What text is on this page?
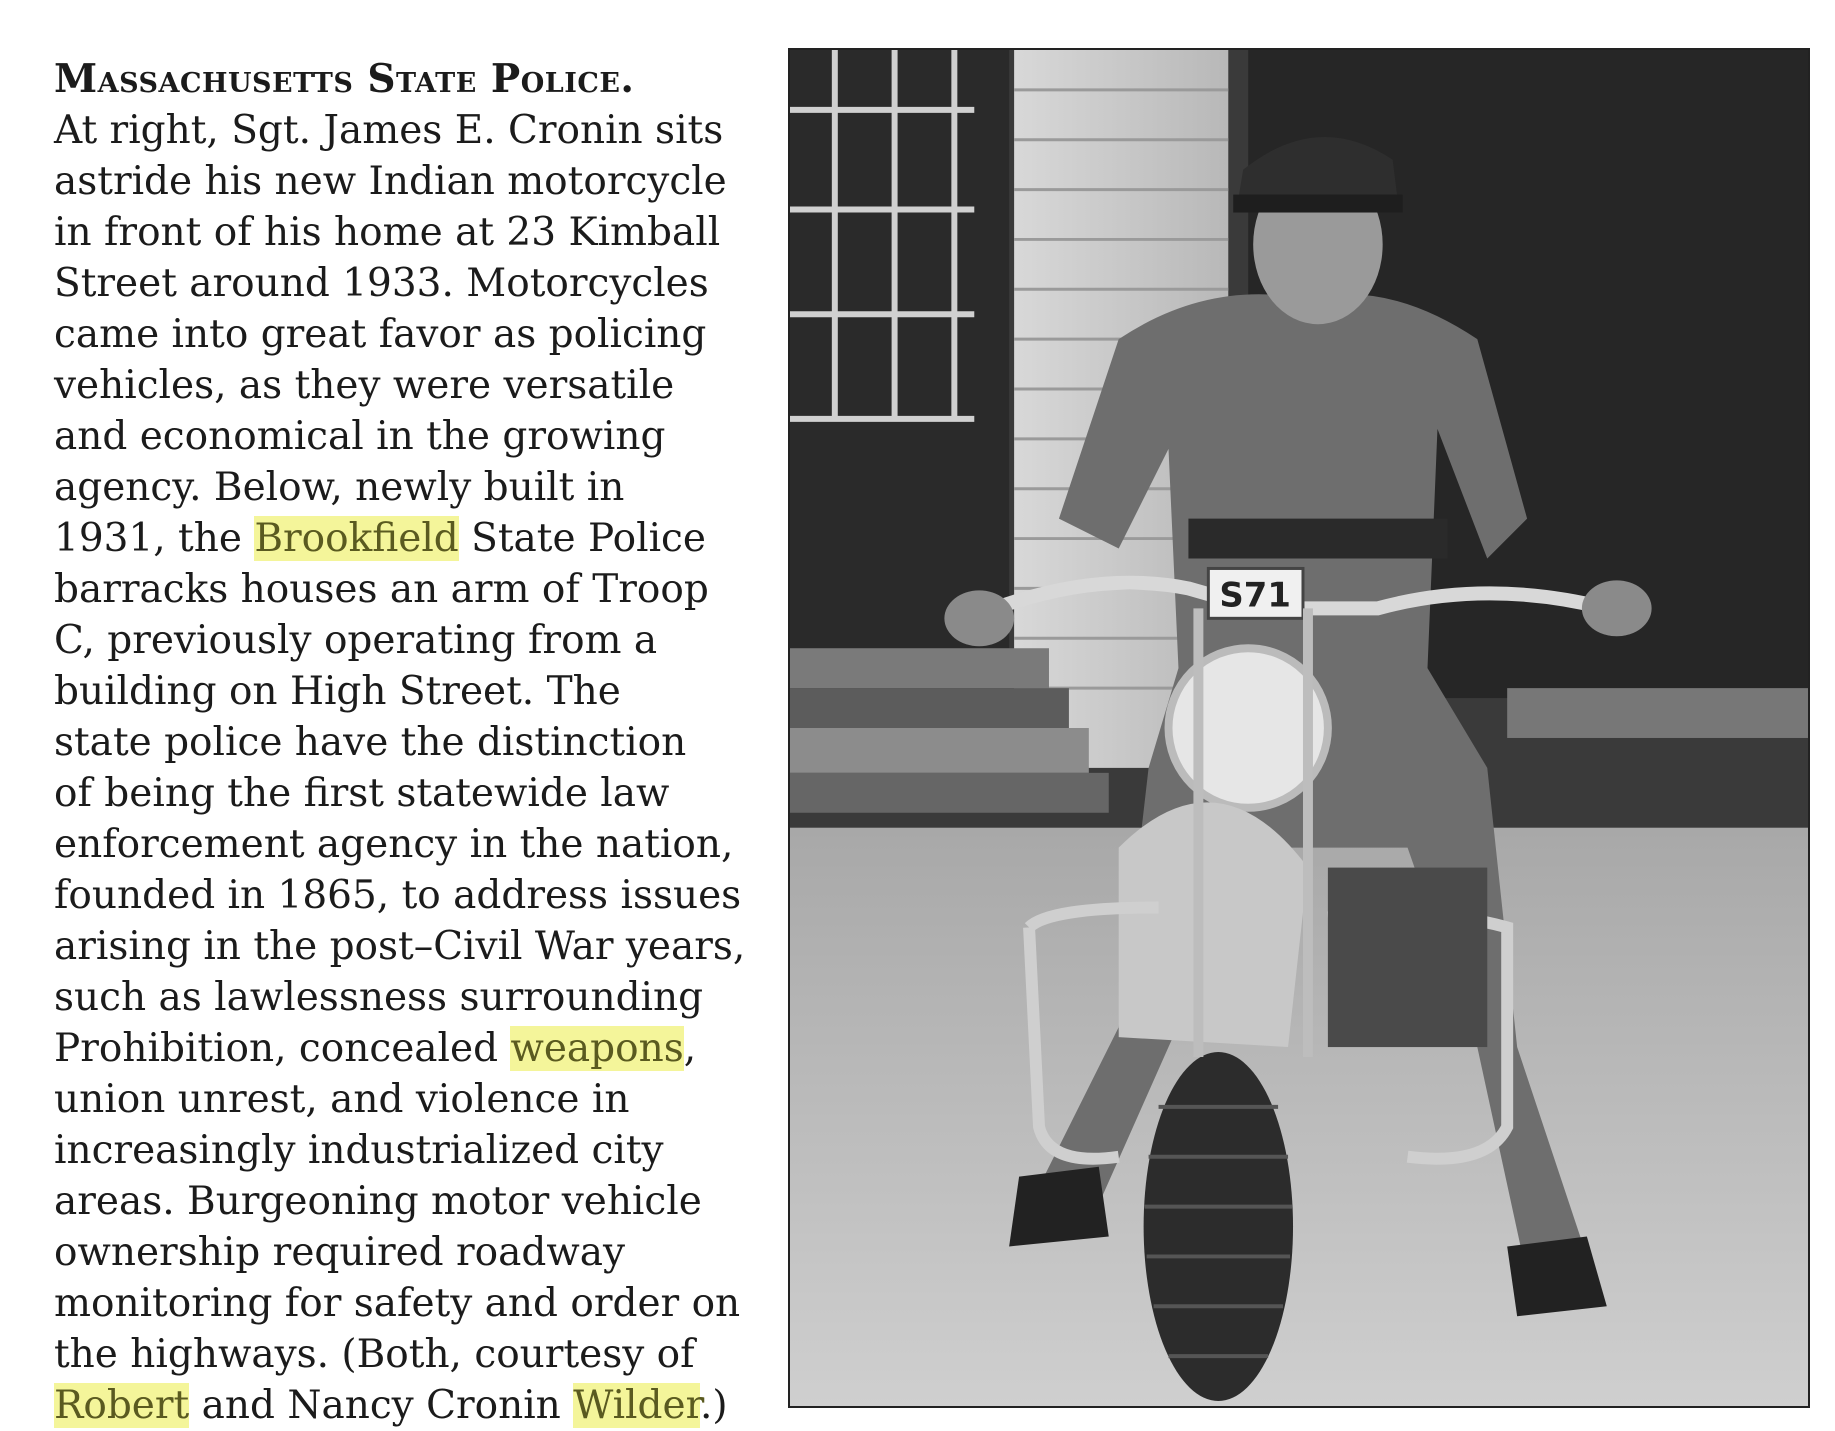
Massachusetts State Police.
At right, Sgt. James E. Cronin sits
astride his new Indian motorcycle
in front of his home at 23 Kimball
Street around 1933. Motorcycles
came into great favor as policing
vehicles, as they were versatile
and economical in the growing
agency. Below, newly built in
1931, the Brookfield State Police
barracks houses an arm of Troop
C, previously operating from a
building on High Street. The
state police have the distinction
of being the first statewide law
enforcement agency in the nation,
founded in 1865, to address issues
arising in the post–Civil War years,
such as lawlessness surrounding
Prohibition, concealed weapons,
union unrest, and violence in
increasingly industrialized city
areas. Burgeoning motor vehicle
ownership required roadway
monitoring for safety and order on
the highways. (Both, courtesy of
Robert and Nancy Cronin Wilder.)
S71
